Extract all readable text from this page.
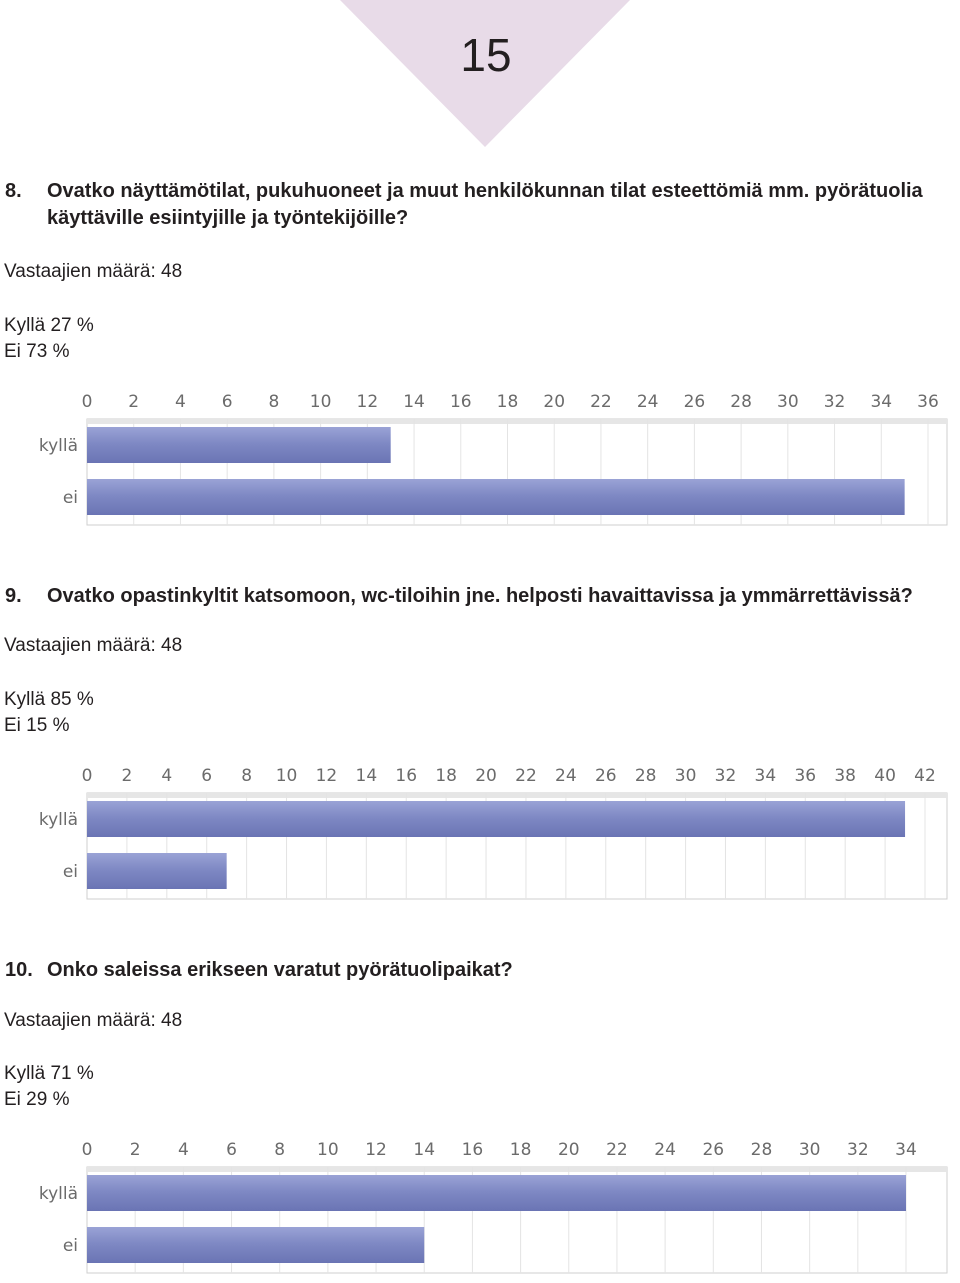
15
8. Ovatko näyttämötilat, pukuhuoneet ja muut henkilökunnan tilat esteettömiä mm. pyörätuolia käyttäville esiintyjille ja työntekijöille?
Vastaajien määrä: 48
Kyllä 27 %
Ei 73 %
0 2 4 6 8 10 12 14 16 18 20 22 24 26 28 30 32 34 36
kyllä
ei
9. Ovatko opastinkyltit katsomoon, wc-tiloihin jne. helposti havaittavissa ja ymmärrettävissä?
Vastaajien määrä: 48
Kyllä 85 %
Ei 15 %
0 2 4 6 8 10 12 14 16 18 20 22 24 26 28 30 32 34 36 38 40 42
kyllä
ei
10. Onko saleissa erikseen varatut pyörätuolipaikat?
Vastaajien määrä: 48
Kyllä 71 %
Ei 29 %
0 2 4 6 8 10 12 14 16 18 20 22 24 26 28 30 32 34
kyllä
ei
